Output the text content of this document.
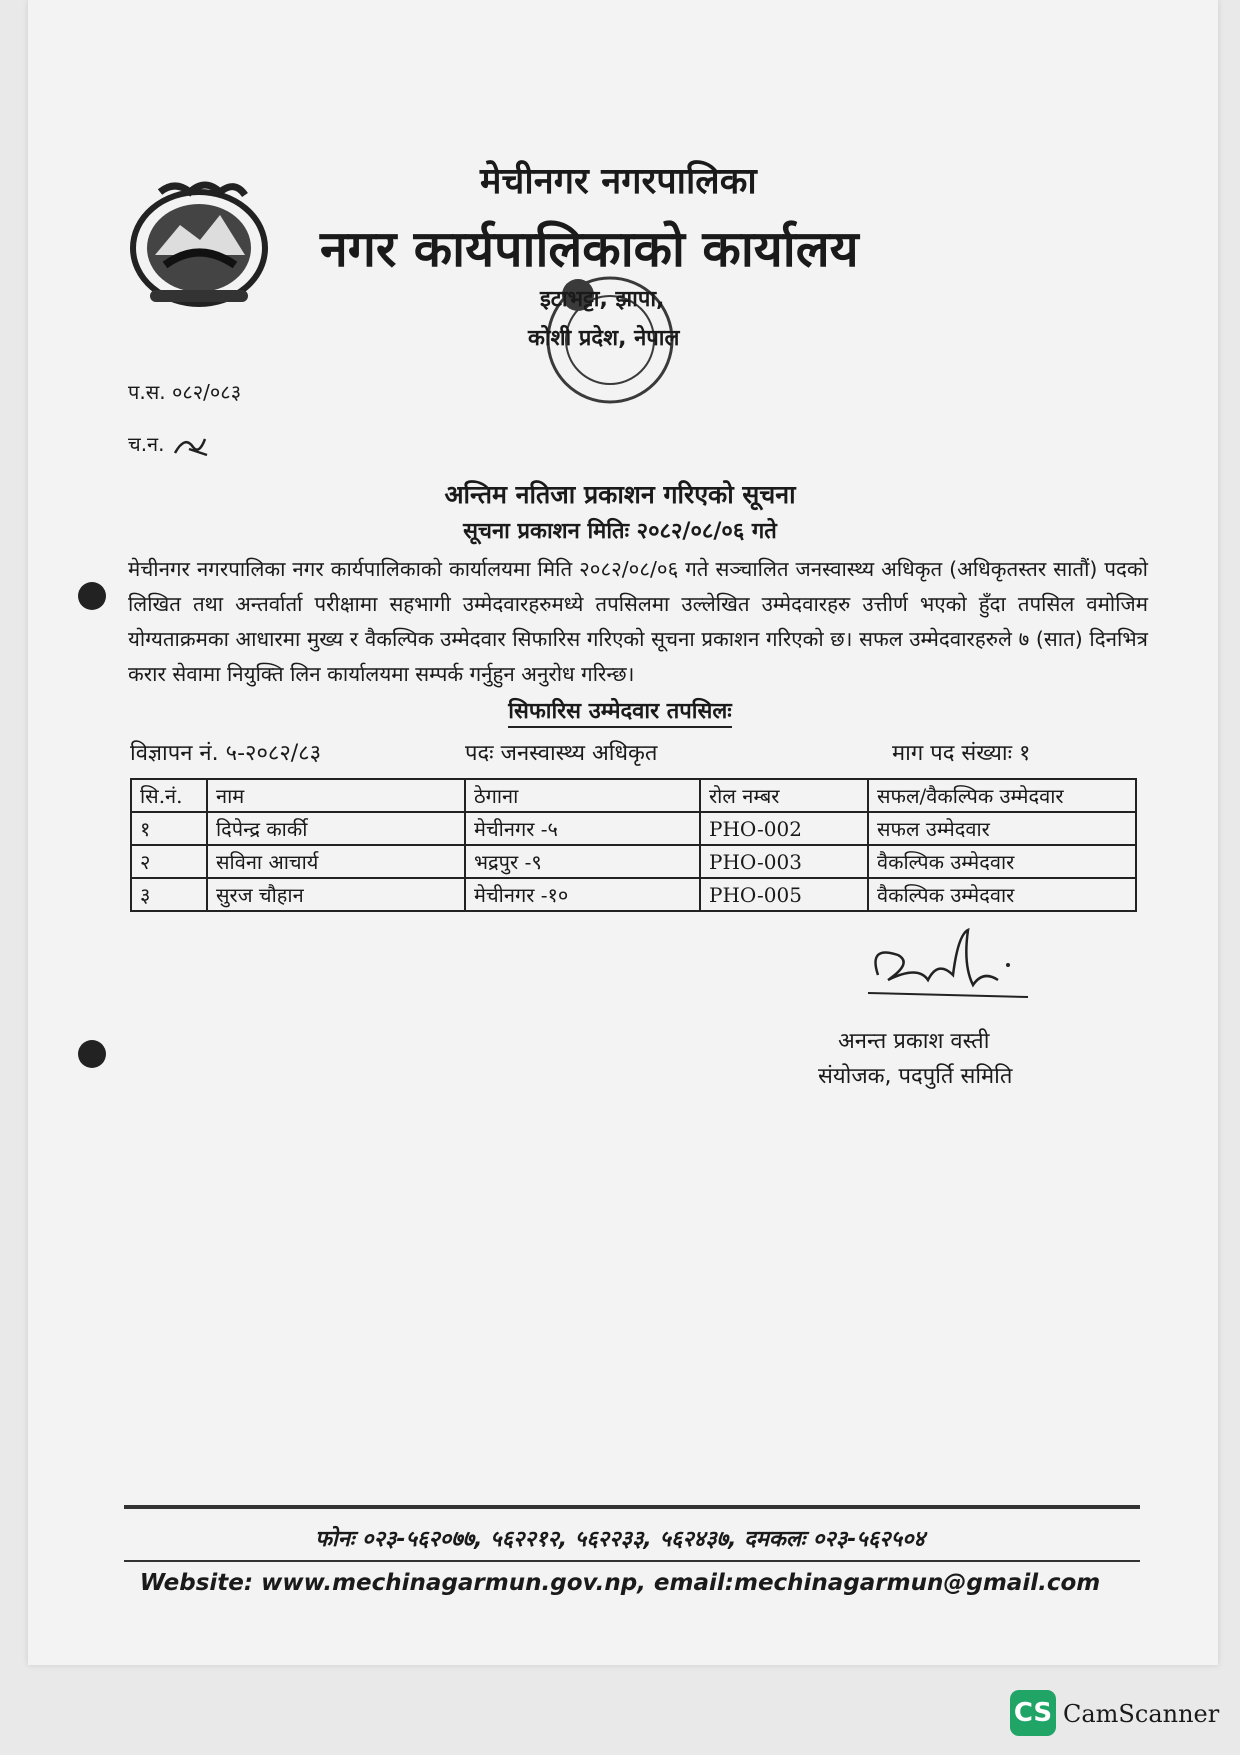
मेचीनगर नगरपालिका
नगर कार्यपालिकाको कार्यालय
इटाभट्टा, झापा,
कोशी प्रदेश, नेपाल
प.स. ०८२/०८३
च.न.
अन्तिम नतिजा प्रकाशन गरिएको सूचना
सूचना प्रकाशन मितिः २०८२/०८/०६ गते
मेचीनगर नगरपालिका नगर कार्यपालिकाको कार्यालयमा मिति २०८२/०८/०६ गते सञ्चालित जनस्वास्थ्य अधिकृत (अधिकृतस्तर सातौं) पदको लिखित तथा अन्तर्वार्ता परीक्षामा सहभागी उम्मेदवारहरुमध्ये तपसिलमा उल्लेखित उम्मेदवारहरु उत्तीर्ण भएको हुँदा तपसिल वमोजिम योग्यताक्रमका आधारमा मुख्य र वैकल्पिक उम्मेदवार सिफारिस गरिएको सूचना प्रकाशन गरिएको छ। सफल उम्मेदवारहरुले ७ (सात) दिनभित्र करार सेवामा नियुक्ति लिन कार्यालयमा सम्पर्क गर्नुहुन अनुरोध गरिन्छ।
सिफारिस उम्मेदवार तपसिलः
विज्ञापन नं. ५-२०८२/८३	पदः जनस्वास्थ्य अधिकृत	माग पद संख्याः १
सि.नं.	नाम	ठेगाना	रोल नम्बर	सफल/वैकल्पिक उम्मेदवार
१	दिपेन्द्र कार्की	मेचीनगर -५	PHO-002	सफल उम्मेदवार
२	सविना आचार्य	भद्रपुर -९	PHO-003	वैकल्पिक उम्मेदवार
३	सुरज चौहान	मेचीनगर -१०	PHO-005	वैकल्पिक उम्मेदवार
अनन्त प्रकाश वस्ती
संयोजक, पदपुर्ति समिति
फोनः ०२३-५६२०७७, ५६२२१२, ५६२२३३, ५६२४३७, दमकलः ०२३-५६२५०४
Website: www.mechinagarmun.gov.np, email:mechinagarmun@gmail.com
CS CamScanner
